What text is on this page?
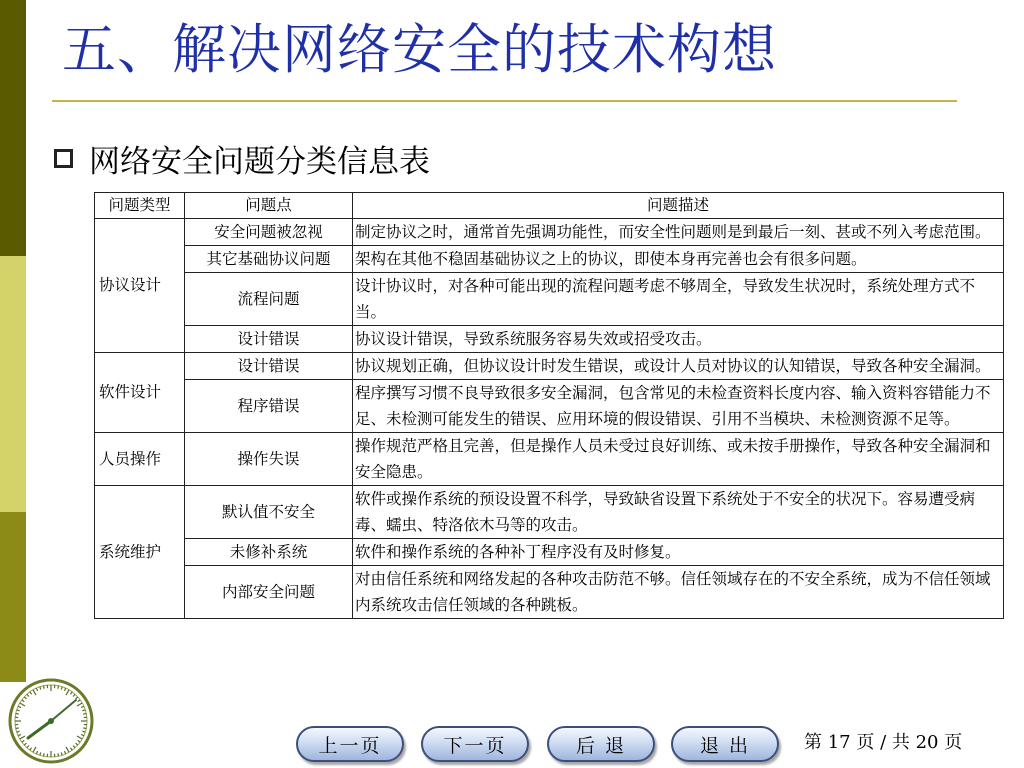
五、解决网络安全的技术构想
网络安全问题分类信息表
问题类型	问题点	问题描述
协议设计	安全问题被忽视	制定协议之时，通常首先强调功能性，而安全性问题则是到最后一刻、甚或不列入考虑范围。
	其它基础协议问题	架构在其他不稳固基础协议之上的协议，即使本身再完善也会有很多问题。
	流程问题	设计协议时，对各种可能出现的流程问题考虑不够周全，导致发生状况时，系统处理方式不当。
	设计错误	协议设计错误，导致系统服务容易失效或招受攻击。
软件设计	设计错误	协议规划正确，但协议设计时发生错误，或设计人员对协议的认知错误，导致各种安全漏洞。
	程序错误	程序撰写习惯不良导致很多安全漏洞，包含常见的未检查资料长度内容、输入资料容错能力不足、未检测可能发生的错误、应用环境的假设错误、引用不当模块、未检测资源不足等。
人员操作	操作失误	操作规范严格且完善，但是操作人员未受过良好训练、或未按手册操作，导致各种安全漏洞和安全隐患。
系统维护	默认值不安全	软件或操作系统的预设设置不科学，导致缺省设置下系统处于不安全的状况下。容易遭受病毒、蠕虫、特洛依木马等的攻击。
	未修补系统	软件和操作系统的各种补丁程序没有及时修复。
	内部安全问题	对由信任系统和网络发起的各种攻击防范不够。信任领域存在的不安全系统，成为不信任领域内系统攻击信任领域的各种跳板。
上一页	下一页	后 退	退 出	第 17 页 / 共 20 页
